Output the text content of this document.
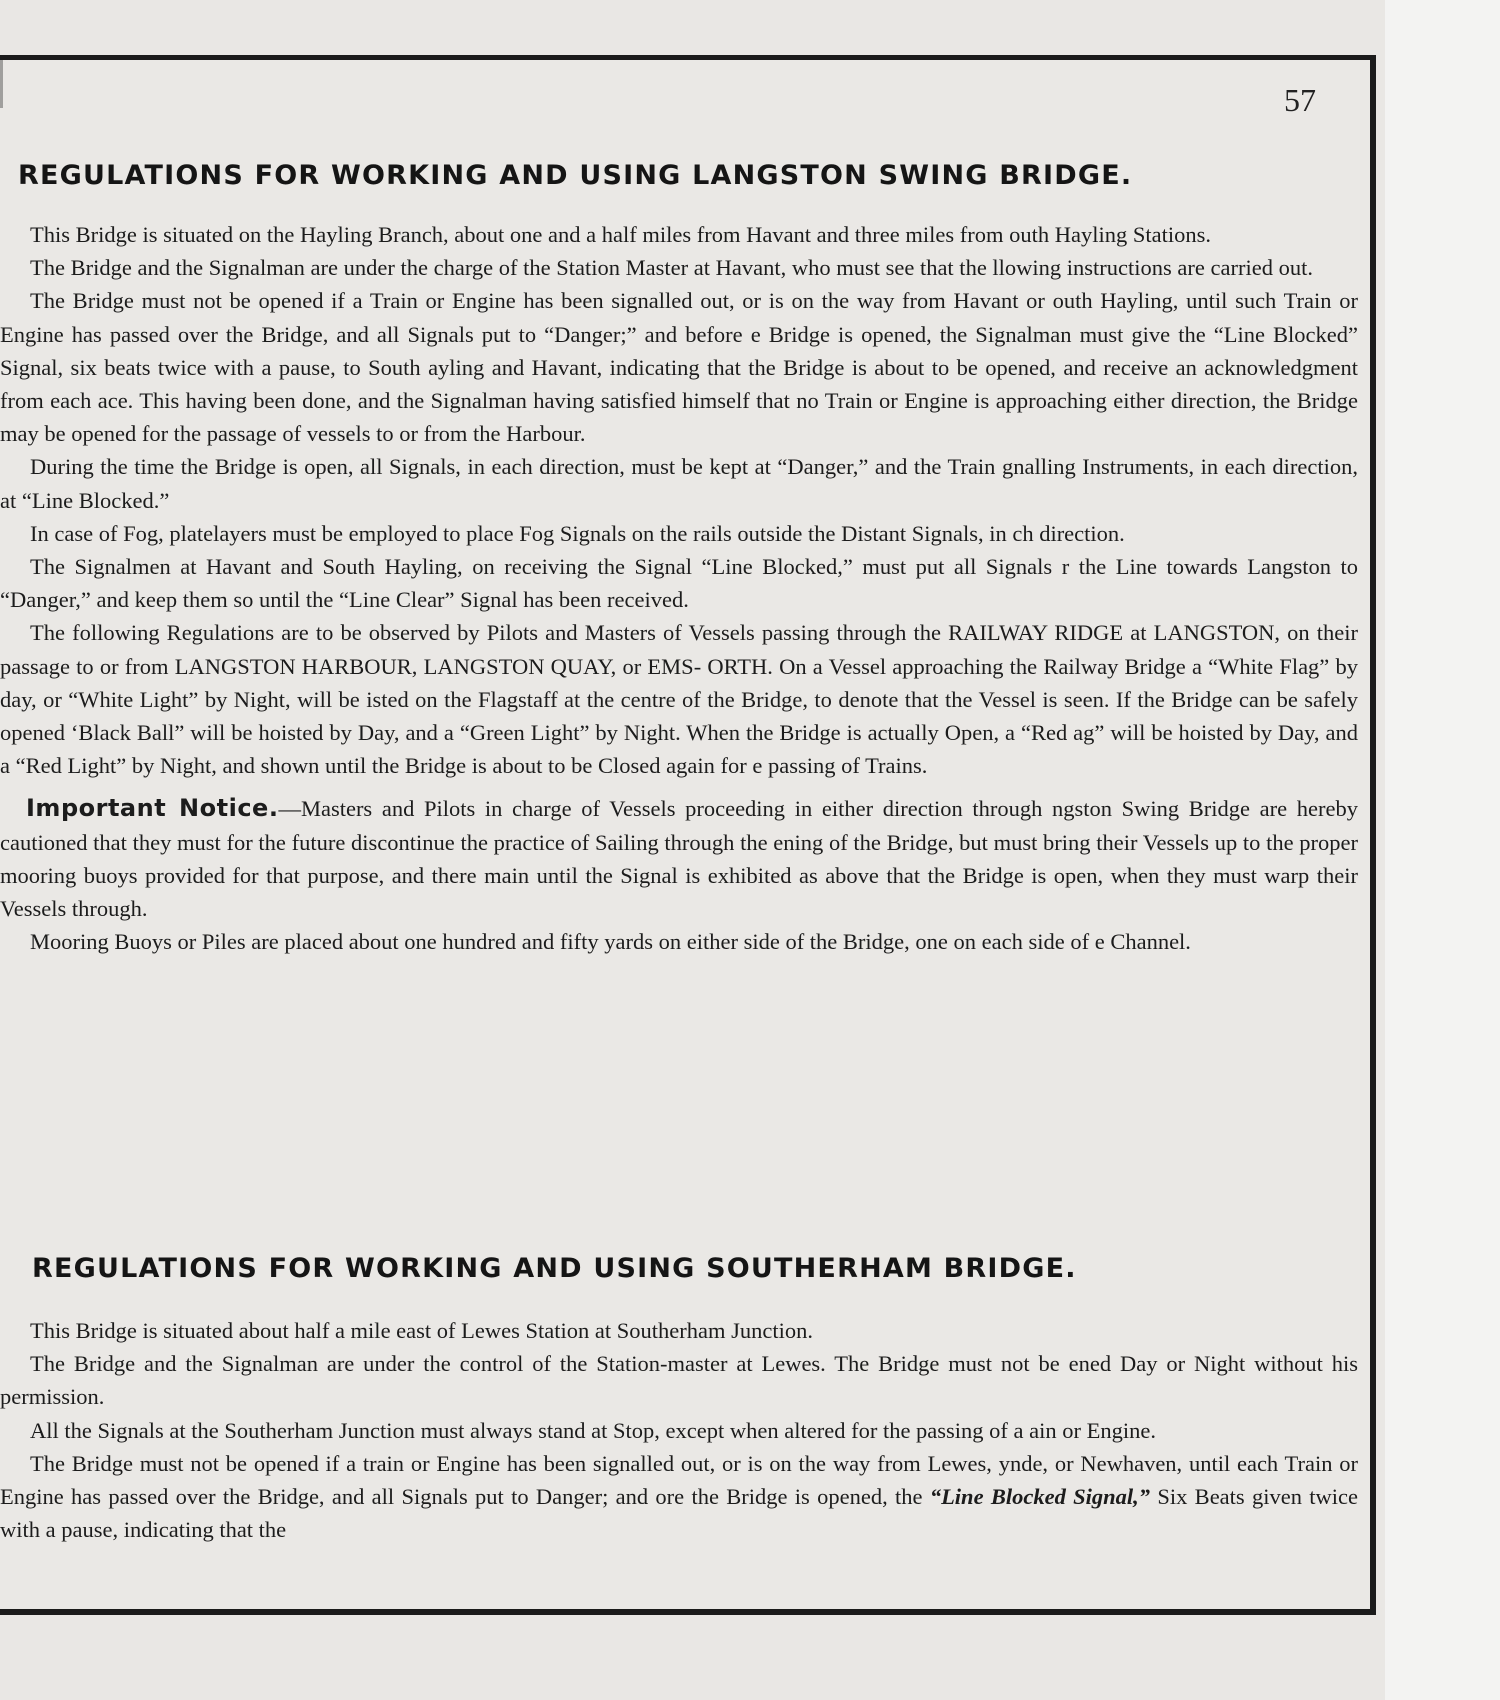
57
REGULATIONS FOR WORKING AND USING LANGSTON SWING BRIDGE.

This Bridge is situated on the Hayling Branch, about one and a half miles from Havant and three miles from outh Hayling Stations.

The Bridge and the Signalman are under the charge of the Station Master at Havant, who must see that the llowing instructions are carried out.

The Bridge must not be opened if a Train or Engine has been signalled out, or is on the way from Havant or outh Hayling, until such Train or Engine has passed over the Bridge, and all Signals put to “Danger;” and before e Bridge is opened, the Signalman must give the “Line Blocked” Signal, six beats twice with a pause, to South ayling and Havant, indicating that the Bridge is about to be opened, and receive an acknowledgment from each ace. This having been done, and the Signalman having satisfied himself that no Train or Engine is approaching either direction, the Bridge may be opened for the passage of vessels to or from the Harbour.

During the time the Bridge is open, all Signals, in each direction, must be kept at “Danger,” and the Train gnalling Instruments, in each direction, at “Line Blocked.”

In case of Fog, platelayers must be employed to place Fog Signals on the rails outside the Distant Signals, in ch direction.

The Signalmen at Havant and South Hayling, on receiving the Signal “Line Blocked,” must put all Signals r the Line towards Langston to “Danger,” and keep them so until the “Line Clear” Signal has been received.

The following Regulations are to be observed by Pilots and Masters of Vessels passing through the RAILWAY RIDGE at LANGSTON, on their passage to or from LANGSTON HARBOUR, LANGSTON QUAY, or EMS- ORTH. On a Vessel approaching the Railway Bridge a “White Flag” by day, or “White Light” by Night, will be isted on the Flagstaff at the centre of the Bridge, to denote that the Vessel is seen. If the Bridge can be safely opened ‘Black Ball” will be hoisted by Day, and a “Green Light” by Night. When the Bridge is actually Open, a “Red ag” will be hoisted by Day, and a “Red Light” by Night, and shown until the Bridge is about to be Closed again for e passing of Trains.

Important Notice.—Masters and Pilots in charge of Vessels proceeding in either direction through ngston Swing Bridge are hereby cautioned that they must for the future discontinue the practice of Sailing through the ening of the Bridge, but must bring their Vessels up to the proper mooring buoys provided for that purpose, and there main until the Signal is exhibited as above that the Bridge is open, when they must warp their Vessels through.

Mooring Buoys or Piles are placed about one hundred and fifty yards on either side of the Bridge, one on each side of e Channel.

REGULATIONS FOR WORKING AND USING SOUTHERHAM BRIDGE.

This Bridge is situated about half a mile east of Lewes Station at Southerham Junction.

The Bridge and the Signalman are under the control of the Station-master at Lewes. The Bridge must not be ened Day or Night without his permission.

All the Signals at the Southerham Junction must always stand at Stop, except when altered for the passing of a ain or Engine.

The Bridge must not be opened if a train or Engine has been signalled out, or is on the way from Lewes, ynde, or Newhaven, until each Train or Engine has passed over the Bridge, and all Signals put to Danger; and ore the Bridge is opened, the “Line Blocked Signal,” Six Beats given twice with a pause, indicating that the
